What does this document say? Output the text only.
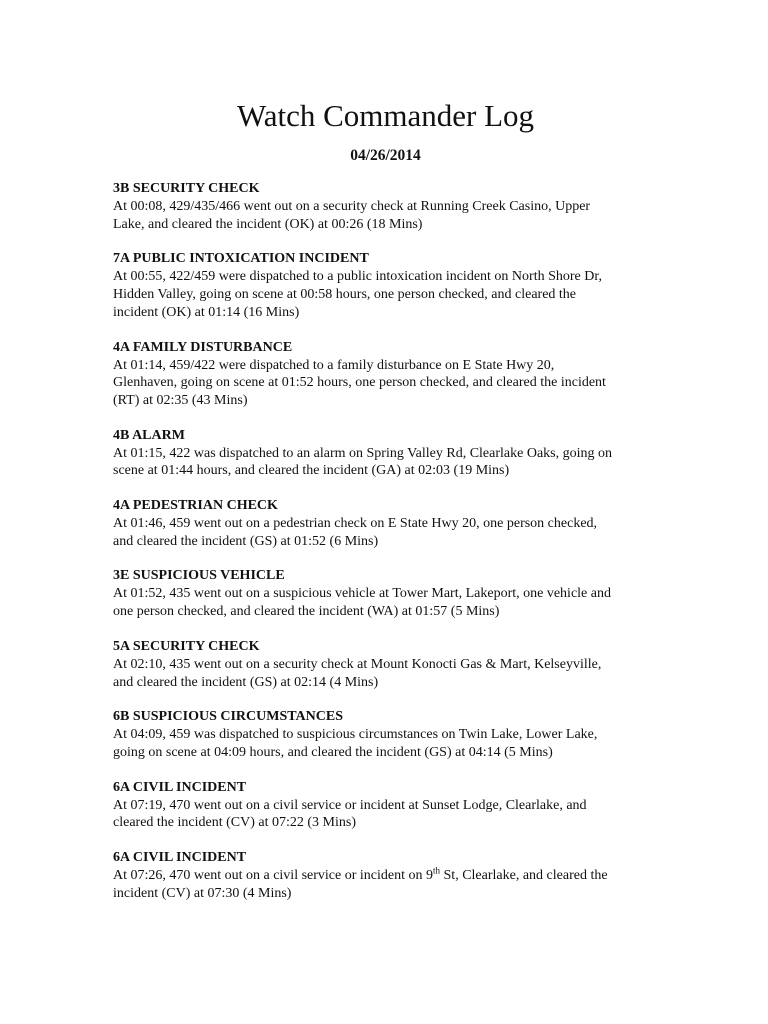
Watch Commander Log
04/26/2014
3B SECURITY CHECK
At 00:08, 429/435/466 went out on a security check at Running Creek Casino, Upper
Lake, and cleared the incident (OK) at 00:26 (18 Mins)
7A PUBLIC INTOXICATION INCIDENT
At 00:55, 422/459 were dispatched to a public intoxication incident on North Shore Dr,
Hidden Valley, going on scene at 00:58 hours, one person checked, and cleared the
incident (OK) at 01:14 (16 Mins)
4A FAMILY DISTURBANCE
At 01:14, 459/422 were dispatched to a family disturbance on E State Hwy 20,
Glenhaven, going on scene at 01:52 hours, one person checked, and cleared the incident
(RT) at 02:35 (43 Mins)
4B ALARM
At 01:15, 422 was dispatched to an alarm on Spring Valley Rd, Clearlake Oaks, going on
scene at 01:44 hours, and cleared the incident (GA) at 02:03 (19 Mins)
4A PEDESTRIAN CHECK
At 01:46, 459 went out on a pedestrian check on E State Hwy 20, one person checked,
and cleared the incident (GS) at 01:52 (6 Mins)
3E SUSPICIOUS VEHICLE
At 01:52, 435 went out on a suspicious vehicle at Tower Mart, Lakeport, one vehicle and
one person checked, and cleared the incident (WA) at 01:57 (5 Mins)
5A SECURITY CHECK
At 02:10, 435 went out on a security check at Mount Konocti Gas & Mart, Kelseyville,
and cleared the incident (GS) at 02:14 (4 Mins)
6B SUSPICIOUS CIRCUMSTANCES
At 04:09, 459 was dispatched to suspicious circumstances on Twin Lake, Lower Lake,
going on scene at 04:09 hours, and cleared the incident (GS) at 04:14 (5 Mins)
6A CIVIL INCIDENT
At 07:19, 470 went out on a civil service or incident at Sunset Lodge, Clearlake, and
cleared the incident (CV) at 07:22 (3 Mins)
6A CIVIL INCIDENT
At 07:26, 470 went out on a civil service or incident on 9th St, Clearlake, and cleared the
incident (CV) at 07:30 (4 Mins)
